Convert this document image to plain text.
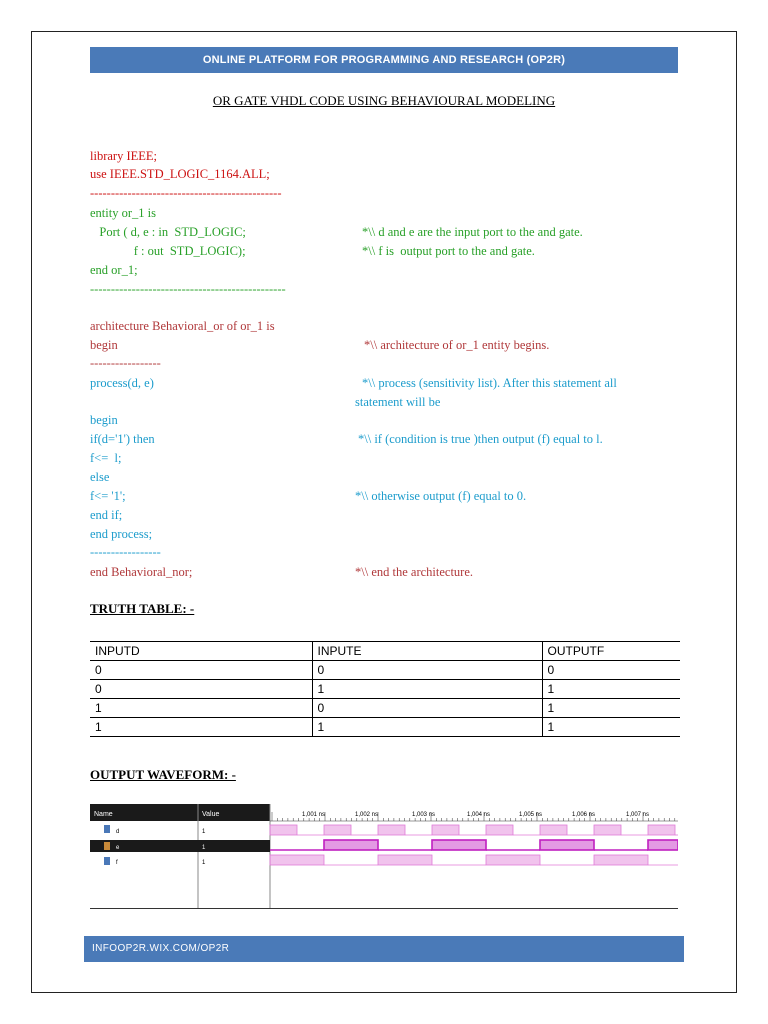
ONLINE PLATFORM FOR PROGRAMMING AND RESEARCH (OP2R)
OR GATE VHDL CODE USING BEHAVIOURAL MODELING
library IEEE;
use IEEE.STD_LOGIC_1164.ALL;
----------------------------------------------
entity or_1 is
Port ( d, e : in  STD_LOGIC;	*\\ d and e are the input port to the and gate.
f : out  STD_LOGIC);	*\\ f is  output port to the and gate.
end or_1;
-----------------------------------------------
architecture Behavioral_or of or_1 is
begin	*\\ architecture of or_1 entity begins.
-----------------
process(d, e)	*\\ process (sensitivity list). After this statement all
statement will be
begin
if(d='1') then	*\\ if (condition is true )then output (f) equal to l.
f<=  l;
else
f<= '1';	*\\ otherwise output (f) equal to 0.
end if;
end process;
-----------------
end Behavioral_nor;	*\\ end the architecture.
TRUTH TABLE: -
INPUTD	INPUTE	OUTPUTF
0	0	0
0	1	1
1	0	1
1	1	1
OUTPUT WAVEFORM: -
Name	Value
d	1
e	1
f	1
1,001 ns	1,002 ns	1,003 ns	1,004 ns	1,005 ns	1,006 ns	1,007 ns
INFOOP2R.WIX.COM/OP2R
